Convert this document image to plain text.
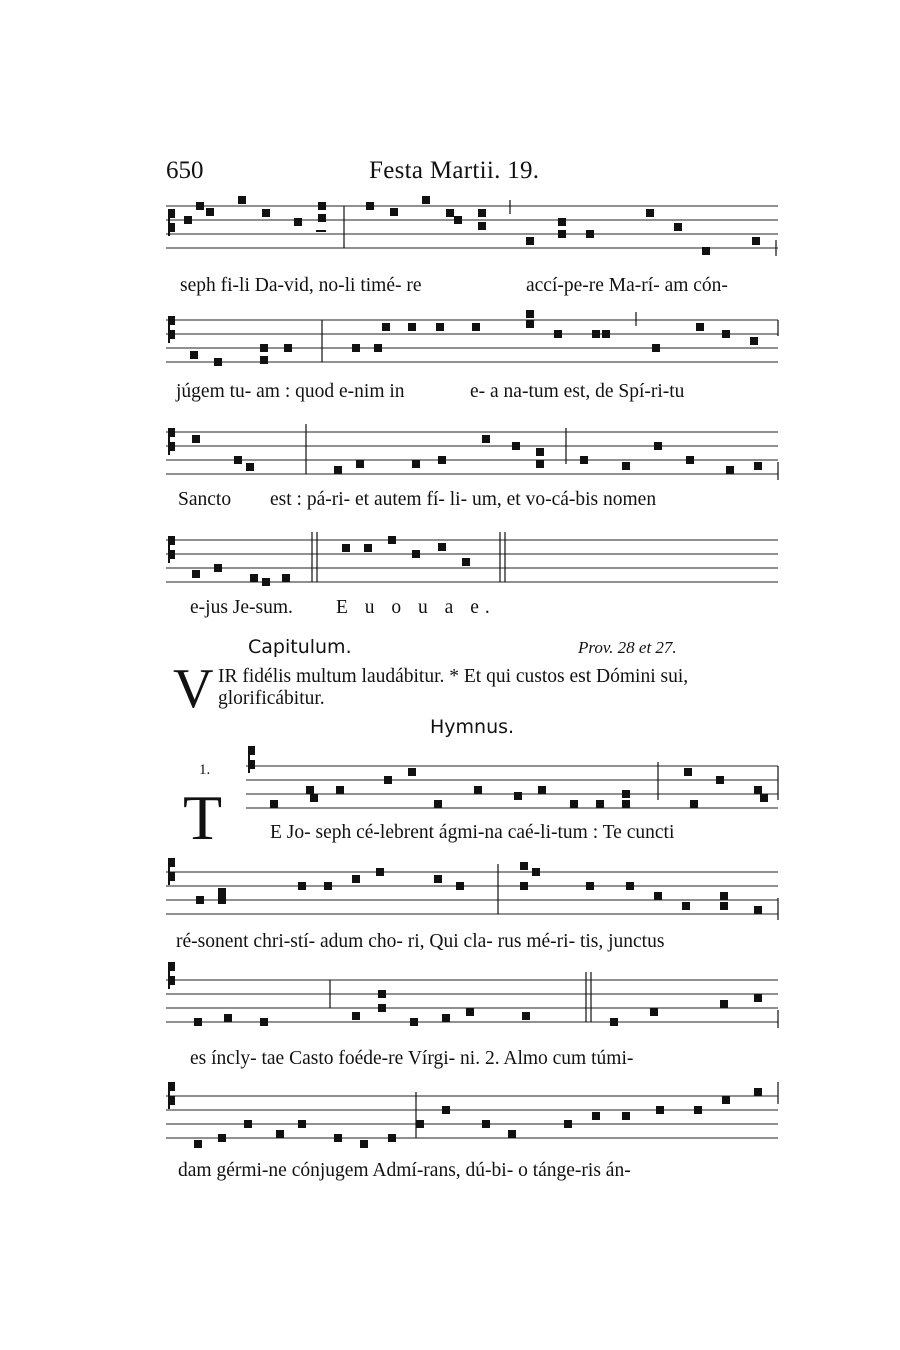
650	Festa Martii. 19.
seph fi-li Da-vid, no-li timé- re	accí-pe-re Ma-rí- am cón-
júgem tu- am : quod e-nim in	e- a na-tum est, de Spí-ri-tu
Sancto est : pá-ri- et autem fí- li- um, et vo-cá-bis nomen
e-jus Je-sum. E u o u a e.
Capitulum.	Prov. 28 et 27.
V IR fidélis multum laudábitur. * Et qui custos est Dómini sui,
glorificábitur.
Hymnus.
1.
T E Jo- seph cé-lebrent ágmi-na caé-li-tum : Te cuncti
ré-sonent chri-stí- adum cho- ri, Qui cla- rus mé-ri- tis, junctus
es íncly- tae Casto foéde-re Vírgi- ni. 2. Almo cum túmi-
dam gérmi-ne cónjugem Admí-rans, dú-bi- o tánge-ris án-
